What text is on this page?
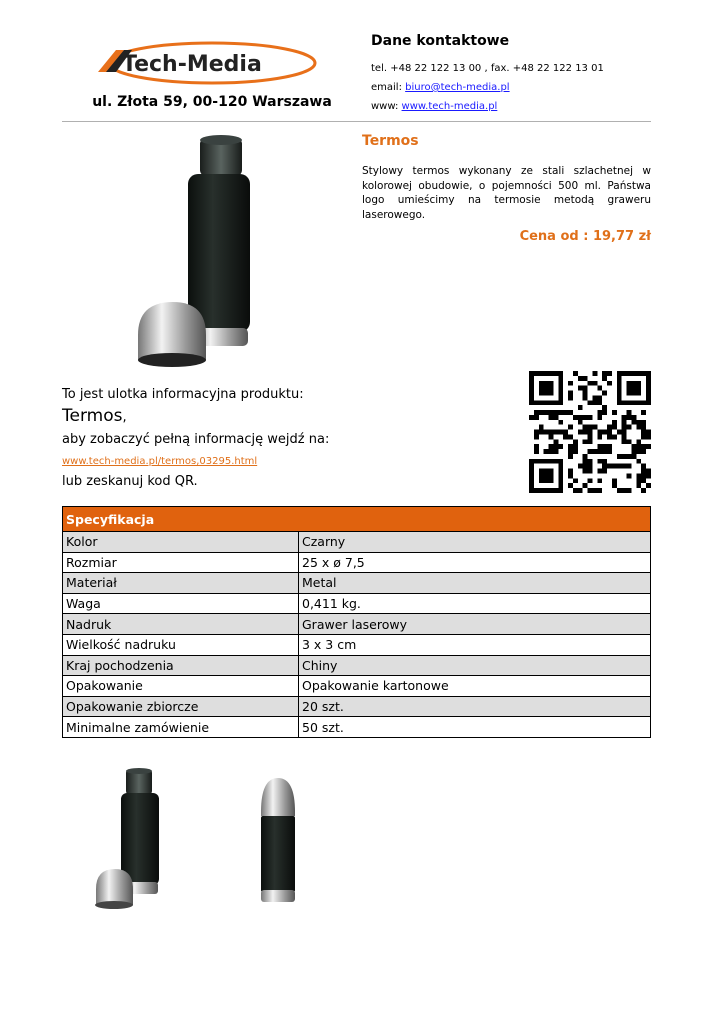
Tech-Media
ul. Złota 59, 00-120 Warszawa
Dane kontaktowe
tel. +48 22 122 13 00 , fax. +48 22 122 13 01
email: biuro@tech-media.pl
www: www.tech-media.pl
Termos
Stylowy termos wykonany ze stali szlachetnej w kolorowej obudowie, o pojemności 500 ml. Państwa logo umieścimy na termosie metodą graweru laserowego.
Cena od : 19,77 zł
To jest ulotka informacyjna produktu:
Termos,
aby zobaczyć pełną informację wejdź na:
www.tech-media.pl/termos,03295.html
lub zeskanuj kod QR.
Specyfikacja	
Kolor	Czarny
Rozmiar	25 x ø 7,5
Materiał	Metal
Waga	0,411 kg.
Nadruk	Grawer laserowy
Wielkość nadruku	3 x 3 cm
Kraj pochodzenia	Chiny
Opakowanie	Opakowanie kartonowe
Opakowanie zbiorcze	20 szt.
Minimalne zamówienie	50 szt.
